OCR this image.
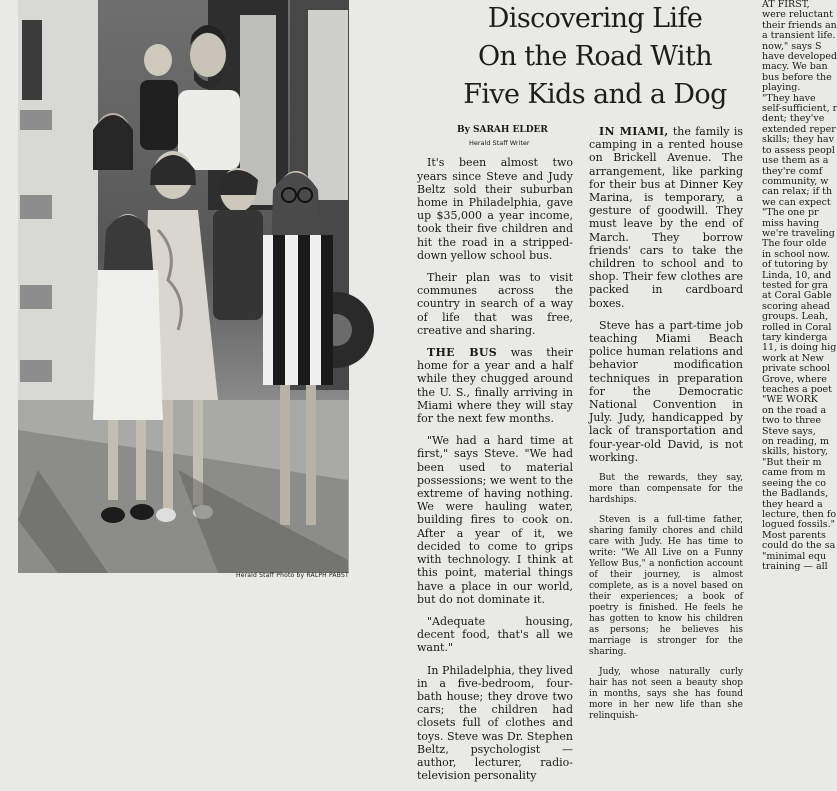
Herald Staff Photo by RALPH PABST
Discovering Life
On the Road With
Five Kids and a Dog
By SARAH ELDER
Herald Staff Writer

It's been almost two years since Steve and Judy Beltz sold their suburban home in Philadelphia, gave up $35,000 a year income, took their five children and hit the road in a stripped-down yellow school bus.

Their plan was to visit communes across the country in search of a way of life that was free, creative and sharing.

THE BUS was their home for a year and a half while they chugged around the U. S., finally arriving in Miami where they will stay for the next few months.

"We had a hard time at first," says Steve. "We had been used to material possessions; we went to the extreme of having nothing. We were hauling water, building fires to cook on. After a year of it, we decided to come to grips with technology. I think at this point, material things have a place in our world, but do not dominate it.

"Adequate housing, decent food, that's all we want."

In Philadelphia, they lived in a five-bedroom, four-bath house; they drove two cars; the children had closets full of clothes and toys. Steve was Dr. Stephen Beltz, psychologist — author, lecturer, radio-television personality

IN MIAMI, the family is camping in a rented house on Brickell Avenue. The arrangement, like parking for their bus at Dinner Key Marina, is temporary, a gesture of goodwill. They must leave by the end of March. They borrow friends' cars to take the children to school and to shop. Their few clothes are packed in cardboard boxes.

Steve has a part-time job teaching Miami Beach police human relations and behavior modification techniques in preparation for the Democratic National Convention in July. Judy, handicapped by lack of transportation and four-year-old David, is not working.

But the rewards, they say, more than compensate for the hardships.

Steven is a full-time father, sharing family chores and child care with Judy. He has time to write: "We All Live on a Funny Yellow Bus," a nonfiction account of their journey, is almost complete, as is a novel based on their experiences; a book of poetry is finished. He feels he has gotten to know his children as persons; he believes his marriage is stronger for the sharing.

Judy, whose naturally curly hair has not seen a beauty shop in months, says she has found more in her new life than she relinquish-

AT FIRST,
were reluctant
their friends an
a transient life.
now," says S
have developed
macy. We ban
bus before the
playing.
"They have
self-sufficient, r
dent; they've
extended reper
skills; they hav
to assess peopl
use them as a
they're comf
community, w
can relax; if th
we can expect
"The one pr
miss having
we're traveling
The four olde
in school now.
of tutoring by
Linda, 10, and
tested for gra
at Coral Gable
scoring ahead
groups. Leah,
rolled in Coral
tary kinderga
11, is doing hig
work at New
private school
Grove, where
teaches a poet
"WE WORK
on the road a
two to three
Steve says,
on reading, m
skills, history,
"But their m
came from m
seeing the co
the Badlands,
they heard a
lecture, then fo
logued fossils."
Most parents
could do the sa
"minimal equ
training — all
